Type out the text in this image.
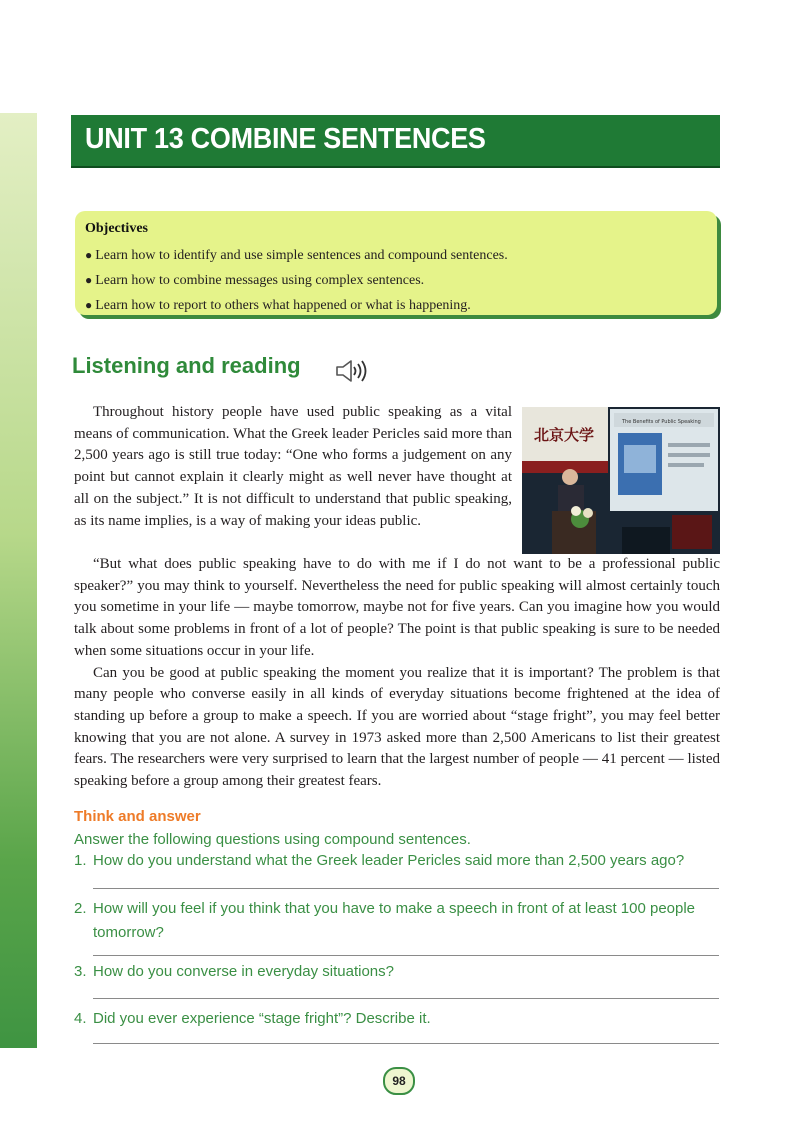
UNIT 13 COMBINE SENTENCES
Objectives
● Learn how to identify and use simple sentences and compound sentences.
● Learn how to combine messages using complex sentences.
● Learn how to report to others what happened or what is happening.
Listening and reading
北京大学
The Benefits of Public Speaking

Throughout history people have used public speaking as a vital means of communication. What the Greek leader Pericles said more than 2,500 years ago is still true today: “One who forms a judgement on any point but cannot explain it clearly might as well never have thought at all on the subject.” It is not difficult to understand that public speaking, as its name implies, is a way of making your ideas public.

“But what does public speaking have to do with me if I do not want to be a professional public speaker?” you may think to yourself. Nevertheless the need for public speaking will almost certainly touch you sometime in your life — maybe tomorrow, maybe not for five years. Can you imagine how you would talk about some problems in front of a lot of people? The point is that public speaking is sure to be needed when some situations occur in your life.

Can you be good at public speaking the moment you realize that it is important? The problem is that many people who converse easily in all kinds of everyday situations become frightened at the idea of standing up before a group to make a speech. If you are worried about “stage fright”, you may feel better knowing that you are not alone. A survey in 1973 asked more than 2,500 Americans to list their greatest fears. The researchers were very surprised to learn that the largest number of people — 41 percent — listed speaking before a group among their greatest fears.

Think and answer
Answer the following questions using compound sentences.
1. How do you understand what the Greek leader Pericles said more than 2,500 years ago?
2. How will you feel if you think that you have to make a speech in front of at least 100 people tomorrow?
3. How do you converse in everyday situations?
4. Did you ever experience “stage fright”? Describe it.
98
